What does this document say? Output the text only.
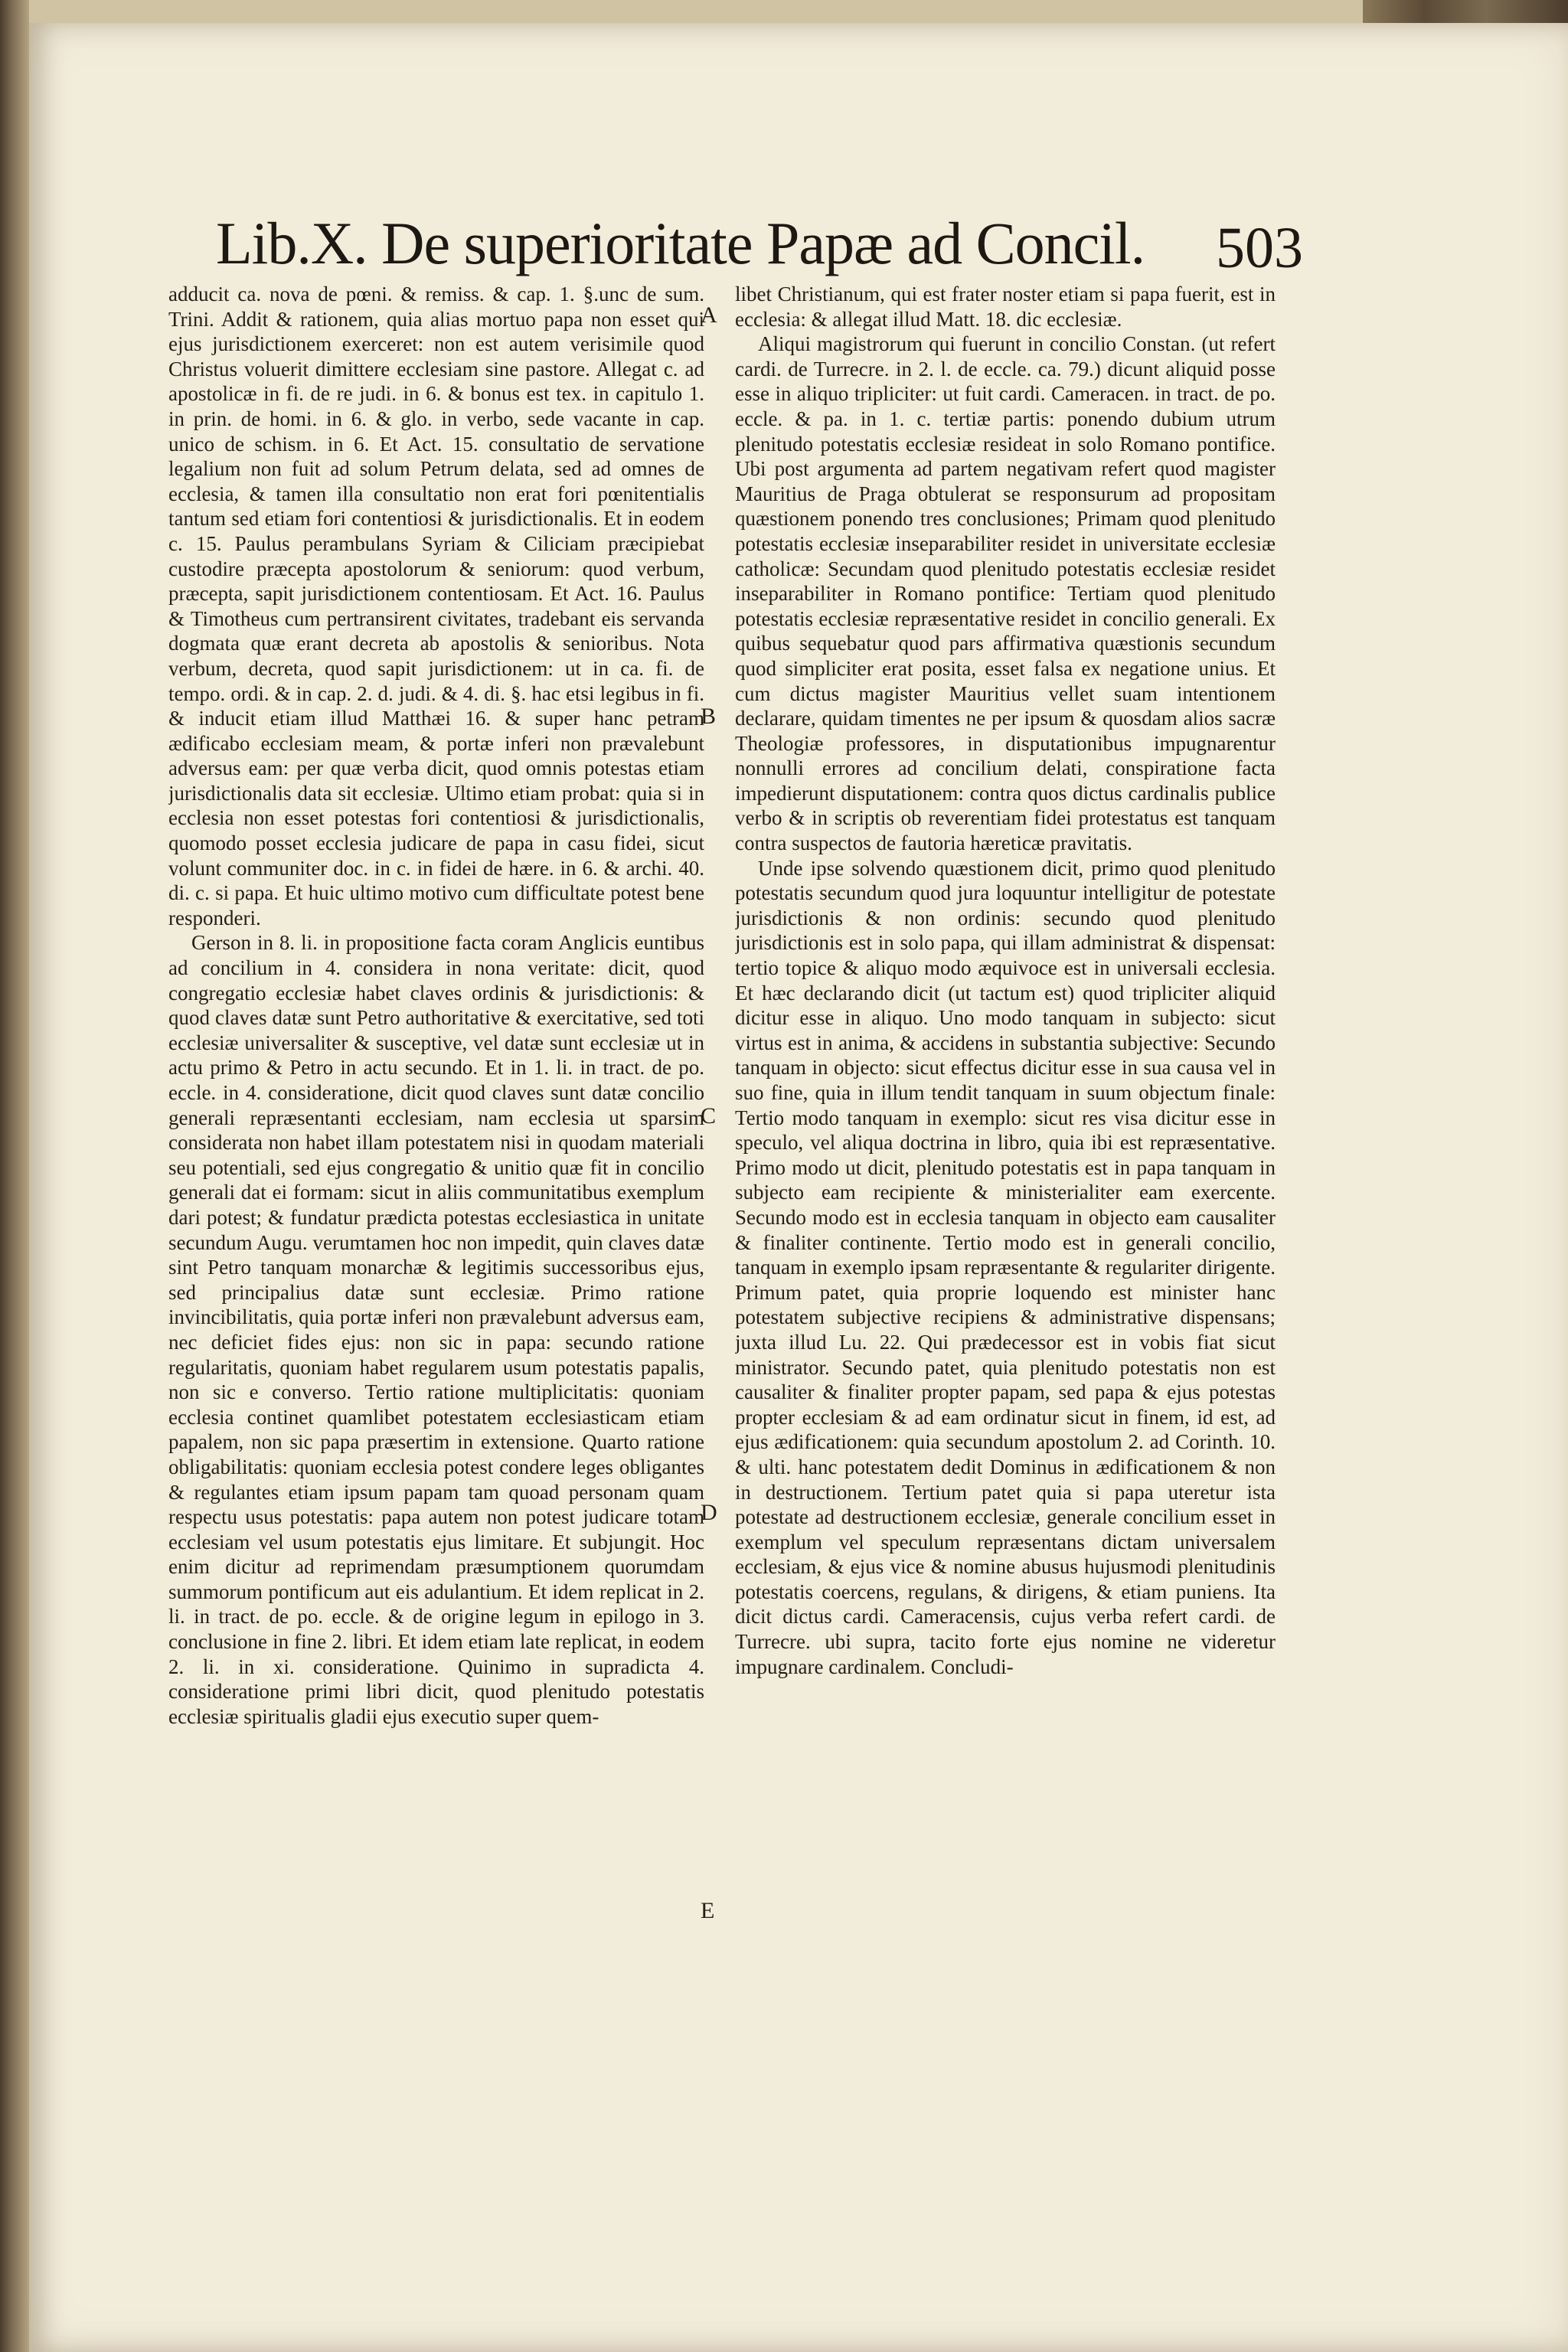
Lib.X. De superioritate Papæ ad Concil. 503

adducit ca. nova de pœni. & remiss. & cap. 1. §.unc de sum. Trini. Addit & rationem, quia alias mortuo papa non esset qui ejus jurisdictionem exerceret: non est autem verisimile quod Christus voluerit dimittere ecclesiam sine pastore. Allegat c. ad apostolicæ in fi. de re judi. in 6. & bonus est tex. in capitulo 1. in prin. de homi. in 6. & glo. in verbo, sede vacante in cap. unico de schism. in 6. Et Act. 15. consultatio de servatione legalium non fuit ad solum Petrum delata, sed ad omnes de ecclesia, & tamen illa consultatio non erat fori pœnitentialis tantum sed etiam fori contentiosi & jurisdictionalis. Et in eodem c. 15. Paulus perambulans Syriam & Ciliciam præcipiebat custodire præcepta apostolorum & seniorum: quod verbum, præcepta, sapit jurisdictionem contentiosam. Et Act. 16. Paulus & Timotheus cum pertransirent civitates, tradebant eis servanda dogmata quæ erant decreta ab apostolis & senioribus. Nota verbum, decreta, quod sapit jurisdictionem: ut in ca. fi. de tempo. ordi. & in cap. 2. d. judi. & 4. di. §. hac etsi legibus in fi. & inducit etiam illud Matthæi 16. & super hanc petram ædificabo ecclesiam meam, & portæ inferi non prævalebunt adversus eam: per quæ verba dicit, quod omnis potestas etiam jurisdictionalis data sit ecclesiæ. Ultimo etiam probat: quia si in ecclesia non esset potestas fori contentiosi & jurisdictionalis, quomodo posset ecclesia judicare de papa in casu fidei, sicut volunt communiter doc. in c. in fidei de hære. in 6. & archi. 40. di. c. si papa. Et huic ultimo motivo cum difficultate potest bene responderi.

Gerson in 8. li. in propositione facta coram Anglicis euntibus ad concilium in 4. considera in nona veritate: dicit, quod congregatio ecclesiæ habet claves ordinis & jurisdictionis: & quod claves datæ sunt Petro authoritative & exercitative, sed toti ecclesiæ universaliter & susceptive, vel datæ sunt ecclesiæ ut in actu primo & Petro in actu secundo. Et in 1. li. in tract. de po. eccle. in 4. consideratione, dicit quod claves sunt datæ concilio generali repræsentanti ecclesiam, nam ecclesia ut sparsim considerata non habet illam potestatem nisi in quodam materiali seu potentiali, sed ejus congregatio & unitio quæ fit in concilio generali dat ei formam: sicut in aliis communitatibus exemplum dari potest; & fundatur prædicta potestas ecclesiastica in unitate secundum Augu. verumtamen hoc non impedit, quin claves datæ sint Petro tanquam monarchæ & legitimis successoribus ejus, sed principalius datæ sunt ecclesiæ. Primo ratione invincibilitatis, quia portæ inferi non prævalebunt adversus eam, nec deficiet fides ejus: non sic in papa: secundo ratione regularitatis, quoniam habet regularem usum potestatis papalis, non sic e converso. Tertio ratione multiplicitatis: quoniam ecclesia continet quamlibet potestatem ecclesiasticam etiam papalem, non sic papa præsertim in extensione. Quarto ratione obligabilitatis: quoniam ecclesia potest condere leges obligantes & regulantes etiam ipsum papam tam quoad personam quam respectu usus potestatis: papa autem non potest judicare totam ecclesiam vel usum potestatis ejus limitare. Et subjungit. Hoc enim dicitur ad reprimendam præsumptionem quorumdam summorum pontificum aut eis adulantium. Et idem replicat in 2. li. in tract. de po. eccle. & de origine legum in epilogo in 3. conclusione in fine 2. libri. Et idem etiam late replicat, in eodem 2. li. in xi. consideratione. Quinimo in supradicta 4. consideratione primi libri dicit, quod plenitudo potestatis ecclesiæ spiritualis gladii ejus executio super quem-

A
B
C
D
E

libet Christianum, qui est frater noster etiam si papa fuerit, est in ecclesia: & allegat illud Matt. 18. dic ecclesiæ.

Aliqui magistrorum qui fuerunt in concilio Constan. (ut refert cardi. de Turrecre. in 2. l. de eccle. ca. 79.) dicunt aliquid posse esse in aliquo tripliciter: ut fuit cardi. Cameracen. in tract. de po. eccle. & pa. in 1. c. tertiæ partis: ponendo dubium utrum plenitudo potestatis ecclesiæ resideat in solo Romano pontifice. Ubi post argumenta ad partem negativam refert quod magister Mauritius de Praga obtulerat se responsurum ad propositam quæstionem ponendo tres conclusiones; Primam quod plenitudo potestatis ecclesiæ inseparabiliter residet in universitate ecclesiæ catholicæ: Secundam quod plenitudo potestatis ecclesiæ residet inseparabiliter in Romano pontifice: Tertiam quod plenitudo potestatis ecclesiæ repræsentative residet in concilio generali. Ex quibus sequebatur quod pars affirmativa quæstionis secundum quod simpliciter erat posita, esset falsa ex negatione unius. Et cum dictus magister Mauritius vellet suam intentionem declarare, quidam timentes ne per ipsum & quosdam alios sacræ Theologiæ professores, in disputationibus impugnarentur nonnulli errores ad concilium delati, conspiratione facta impedierunt disputationem: contra quos dictus cardinalis publice verbo & in scriptis ob reverentiam fidei protestatus est tanquam contra suspectos de fautoria hæreticæ pravitatis.

Unde ipse solvendo quæstionem dicit, primo quod plenitudo potestatis secundum quod jura loquuntur intelligitur de potestate jurisdictionis & non ordinis: secundo quod plenitudo jurisdictionis est in solo papa, qui illam administrat & dispensat: tertio topice & aliquo modo æquivoce est in universali ecclesia. Et hæc declarando dicit (ut tactum est) quod tripliciter aliquid dicitur esse in aliquo. Uno modo tanquam in subjecto: sicut virtus est in anima, & accidens in substantia subjective: Secundo tanquam in objecto: sicut effectus dicitur esse in sua causa vel in suo fine, quia in illum tendit tanquam in suum objectum finale: Tertio modo tanquam in exemplo: sicut res visa dicitur esse in speculo, vel aliqua doctrina in libro, quia ibi est repræsentative. Primo modo ut dicit, plenitudo potestatis est in papa tanquam in subjecto eam recipiente & ministerialiter eam exercente. Secundo modo est in ecclesia tanquam in objecto eam causaliter & finaliter continente. Tertio modo est in generali concilio, tanquam in exemplo ipsam repræsentante & regulariter dirigente. Primum patet, quia proprie loquendo est minister hanc potestatem subjective recipiens & administrative dispensans; juxta illud Lu. 22. Qui prædecessor est in vobis fiat sicut ministrator. Secundo patet, quia plenitudo potestatis non est causaliter & finaliter propter papam, sed papa & ejus potestas propter ecclesiam & ad eam ordinatur sicut in finem, id est, ad ejus ædificationem: quia secundum apostolum 2. ad Corinth. 10. & ulti. hanc potestatem dedit Dominus in ædificationem & non in destructionem. Tertium patet quia si papa uteretur ista potestate ad destructionem ecclesiæ, generale concilium esset in exemplum vel speculum repræsentans dictam universalem ecclesiam, & ejus vice & nomine abusus hujusmodi plenitudinis potestatis coercens, regulans, & dirigens, & etiam puniens. Ita dicit dictus cardi. Cameracensis, cujus verba refert cardi. de Turrecre. ubi supra, tacito forte ejus nomine ne videretur impugnare cardinalem. Concludi-
